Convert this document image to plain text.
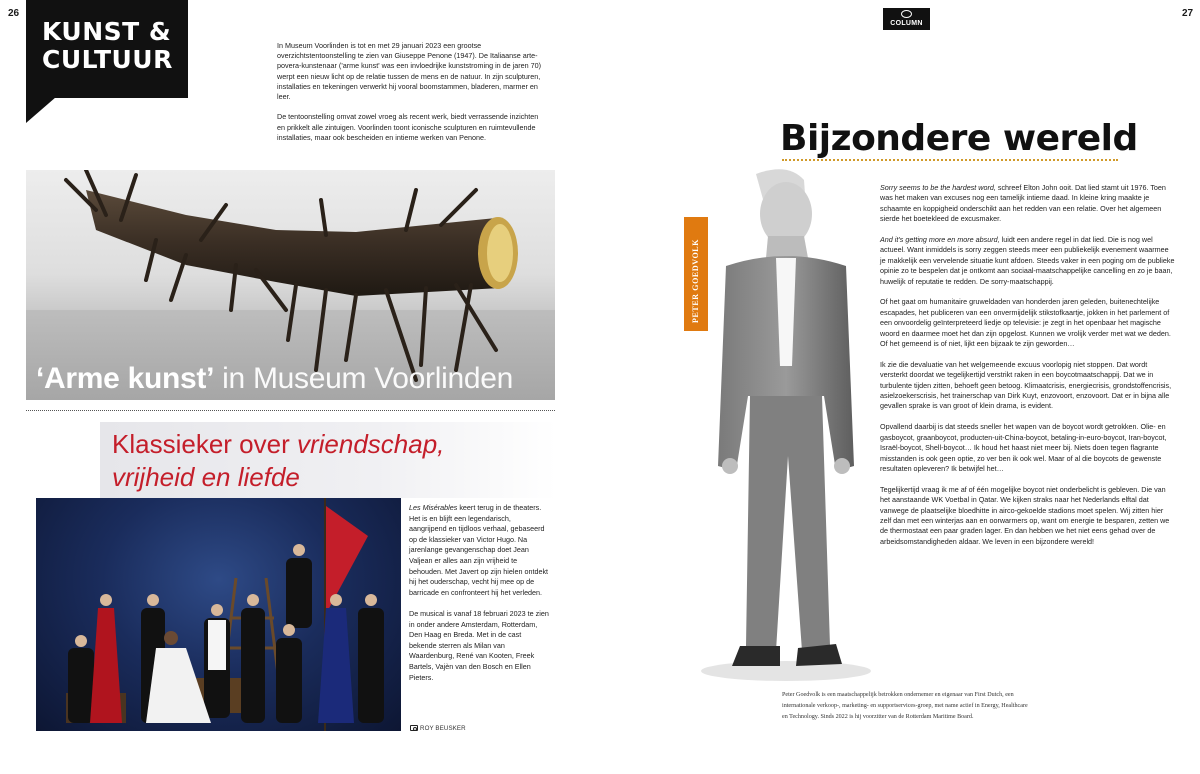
26
KUNST &
CULTUUR	In Museum Voorlinden is tot en met 29 januari 2023 een grootse overzichtstentoonstelling te zien van Giuseppe Penone (1947). De Italiaanse arte-povera-kunstenaar ('arme kunst' was een invloedrijke kunststroming in de jaren 70) werpt een nieuw licht op de relatie tussen de mens en de natuur. In zijn sculpturen, installaties en tekeningen verwerkt hij vooral boomstammen, bladeren, marmer en leer.

De tentoonstelling omvat zowel vroeg als recent werk, biedt verrassende inzichten en prikkelt alle zintuigen. Voorlinden toont iconische sculpturen en ruimtevullende installaties, maar ook bescheiden en intieme werken van Penone.

‘Arme kunst’ in Museum Voorlinden
Klassieker over vriendschap,
vrijheid en liefde

Les Misérables keert terug in de theaters. Het is en blijft een legendarisch, aangrijpend en tijdloos verhaal, gebaseerd op de klassieker van Victor Hugo. Na jarenlange gevangenschap doet Jean Valjean er alles aan zijn vrijheid te behouden. Met Javert op zijn hielen ontdekt hij het ouderschap, vecht hij mee op de barricade en confronteert hij het verleden.

De musical is vanaf 18 februari 2023 te zien in onder andere Amsterdam, Rotterdam, Den Haag en Breda. Met in de cast bekende sterren als Milan van Waardenburg, René van Kooten, Freek Bartels, Vajèn van den Bosch en Ellen Pieters.

ROY BEUSKER
27
COLUMN
Bijzondere wereld
PETER GOEDVOLK

Sorry seems to be the hardest word, schreef Elton John ooit. Dat lied stamt uit 1976. Toen was het maken van excuses nog een tamelijk intieme daad. In kleine kring maakte je schaamte en koppigheid onderschikt aan het redden van een relatie. Over het algemeen sierde het boetekleed de excusmaker.

And it's getting more en more absurd, luidt een andere regel in dat lied. Die is nog wel actueel. Want inmiddels is sorry zeggen steeds meer een publiekelijk evenement waarmee je makkelijk een vervelende situatie kunt afdoen. Steeds vaker in een poging om de publieke opinie zo te bespelen dat je ontkomt aan sociaal-maatschappelijke cancelling en zo je baan, huwelijk of reputatie te redden. De sorry-maatschappij.

Of het gaat om humanitaire gruweldaden van honderden jaren geleden, buitenechtelijke escapades, het publiceren van een onvermijdelijk stikstofkaartje, jokken in het parlement of een onvoordelig geïnterpreteerd liedje op televisie: je zegt in het openbaar het magische woord en daarmee moet het dan zijn opgelost. Kunnen we vrolijk verder met wat we deden. Of het gemeend is of niet, lijkt een bijzaak te zijn geworden…

Ik zie die devaluatie van het welgemeende excuus voorlopig niet stoppen. Dat wordt versterkt doordat we tegelijkertijd verstrikt raken in een boycotmaatschappij. Dat we in turbulente tijden zitten, behoeft geen betoog. Klimaatcrisis, energiecrisis, grondstoffencrisis, asielzoekerscrisis, het trainerschap van Dirk Kuyt, enzovoort, enzovoort. Dat er in bijna alle gevallen sprake is van groot of klein drama, is evident.

Opvallend daarbij is dat steeds sneller het wapen van de boycot wordt getrokken. Olie- en gasboycot, graanboycot, producten-uit-China-boycot, betaling-in-euro-boycot, Iran-boycot, Israël-boycot, Shell-boycot… Ik houd het haast niet meer bij. Niets doen tegen flagrante misstanden is ook geen optie, zo ver ben ik ook wel. Maar of al die boycots de gewenste resultaten opleveren? Ik betwijfel het…

Tegelijkertijd vraag ik me af of één mogelijke boycot niet onderbelicht is gebleven. Die van het aanstaande WK Voetbal in Qatar. We kijken straks naar het Nederlands elftal dat vanwege de plaatselijke bloedhitte in airco-gekoelde stadions moet spelen. Wij zitten hier zelf dan met een winterjas aan en oorwarmers op, want om energie te besparen, zetten we de thermostaat een paar graden lager. En dan hebben we het niet eens gehad over de arbeidsomstandigheden aldaar. We leven in een bijzondere wereld!

Peter Goedvolk is een maatschappelijk betrokken ondernemer en eigenaar van First Dutch, een internationale verkoop-, marketing- en supportservices-groep, met name actief in Energy, Healthcare en Technology. Sinds 2022 is hij voorzitter van de Rotterdam Maritime Board.
